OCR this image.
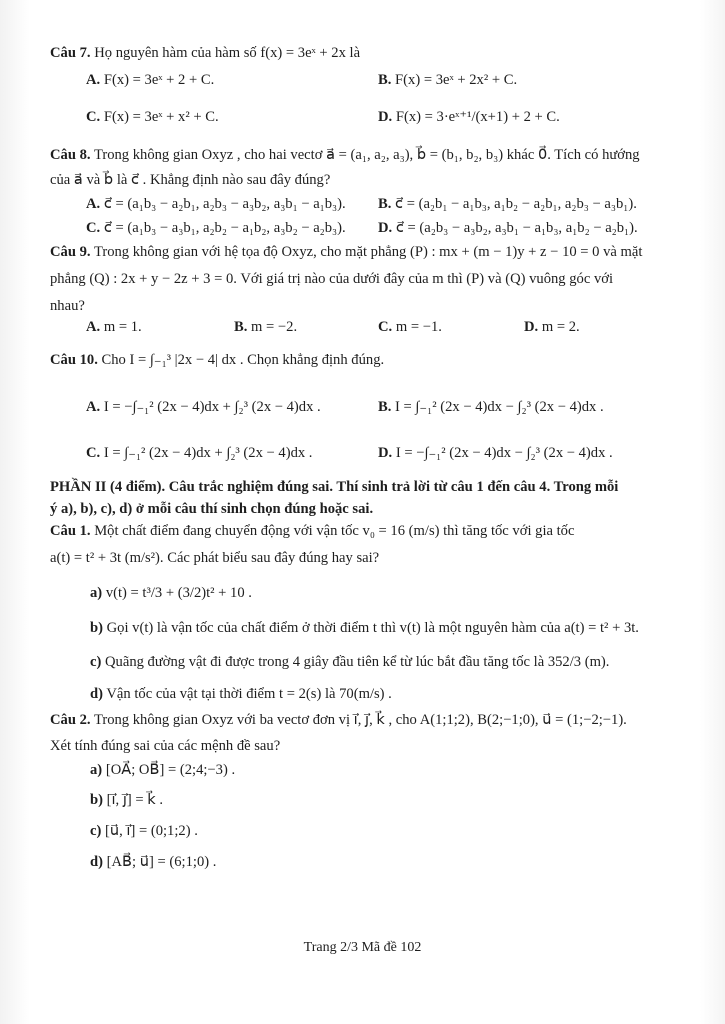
Câu 7. Họ nguyên hàm của hàm số f(x) = 3eˣ + 2x là
A. F(x) = 3eˣ + 2 + C.	B. F(x) = 3eˣ + 2x² + C.
C. F(x) = 3eˣ + x² + C.	D. F(x) = 3·eˣ⁺¹/(x+1) + 2 + C.
Câu 8. Trong không gian Oxyz , cho hai vectơ a⃗ = (a₁, a₂, a₃), b⃗ = (b₁, b₂, b₃) khác 0⃗. Tích có hướng
của a⃗ và b⃗ là c⃗ . Khẳng định nào sau đây đúng?
A. c⃗ = (a₁b₃ − a₂b₁, a₂b₃ − a₃b₂, a₃b₁ − a₁b₃). B. c⃗ = (a₂b₁ − a₁b₃, a₁b₂ − a₂b₁, a₂b₃ − a₃b₁).
C. c⃗ = (a₁b₃ − a₃b₁, a₂b₂ − a₁b₂, a₃b₂ − a₂b₃). D. c⃗ = (a₂b₃ − a₃b₂, a₃b₁ − a₁b₃, a₁b₂ − a₂b₁).
Câu 9. Trong không gian với hệ tọa độ Oxyz, cho mặt phẳng (P) : mx + (m − 1)y + z − 10 = 0 và mặt
phẳng (Q) : 2x + y − 2z + 3 = 0. Với giá trị nào của dưới đây của m thì (P) và (Q) vuông góc với
nhau?
A. m = 1.	B. m = −2.	C. m = −1.	D. m = 2.
Câu 10. Cho I = ∫₋₁³ |2x − 4| dx . Chọn khẳng định đúng.
A. I = −∫₋₁² (2x − 4)dx + ∫₂³ (2x − 4)dx .	B. I = ∫₋₁² (2x − 4)dx − ∫₂³ (2x − 4)dx .
C. I = ∫₋₁² (2x − 4)dx + ∫₂³ (2x − 4)dx .	D. I = −∫₋₁² (2x − 4)dx − ∫₂³ (2x − 4)dx .
PHẦN II (4 điểm). Câu trắc nghiệm đúng sai. Thí sinh trả lời từ câu 1 đến câu 4. Trong mỗi
ý a), b), c), d) ở mỗi câu thí sinh chọn đúng hoặc sai.
Câu 1. Một chất điểm đang chuyển động với vận tốc v₀ = 16 (m/s) thì tăng tốc với gia tốc
a(t) = t² + 3t (m/s²). Các phát biểu sau đây đúng hay sai?
a) v(t) = t³/3 + (3/2)t² + 10 .
b) Gọi v(t) là vận tốc của chất điểm ở thời điểm t thì v(t) là một nguyên hàm của a(t) = t² + 3t.
c) Quãng đường vật đi được trong 4 giây đầu tiên kể từ lúc bắt đầu tăng tốc là 352/3 (m).
d) Vận tốc của vật tại thời điểm t = 2(s) là 70(m/s) .
Câu 2. Trong không gian Oxyz với ba vectơ đơn vị i⃗, j⃗, k⃗ , cho A(1;1;2), B(2;−1;0), u⃗ = (1;−2;−1).
Xét tính đúng sai của các mệnh đề sau?
a) [OA⃗; OB⃗] = (2;4;−3) .
b) [i⃗, j⃗] = k⃗ .
c) [u⃗, i⃗] = (0;1;2) .
d) [AB⃗; u⃗] = (6;1;0) .
Trang 2/3 Mã đề 102
